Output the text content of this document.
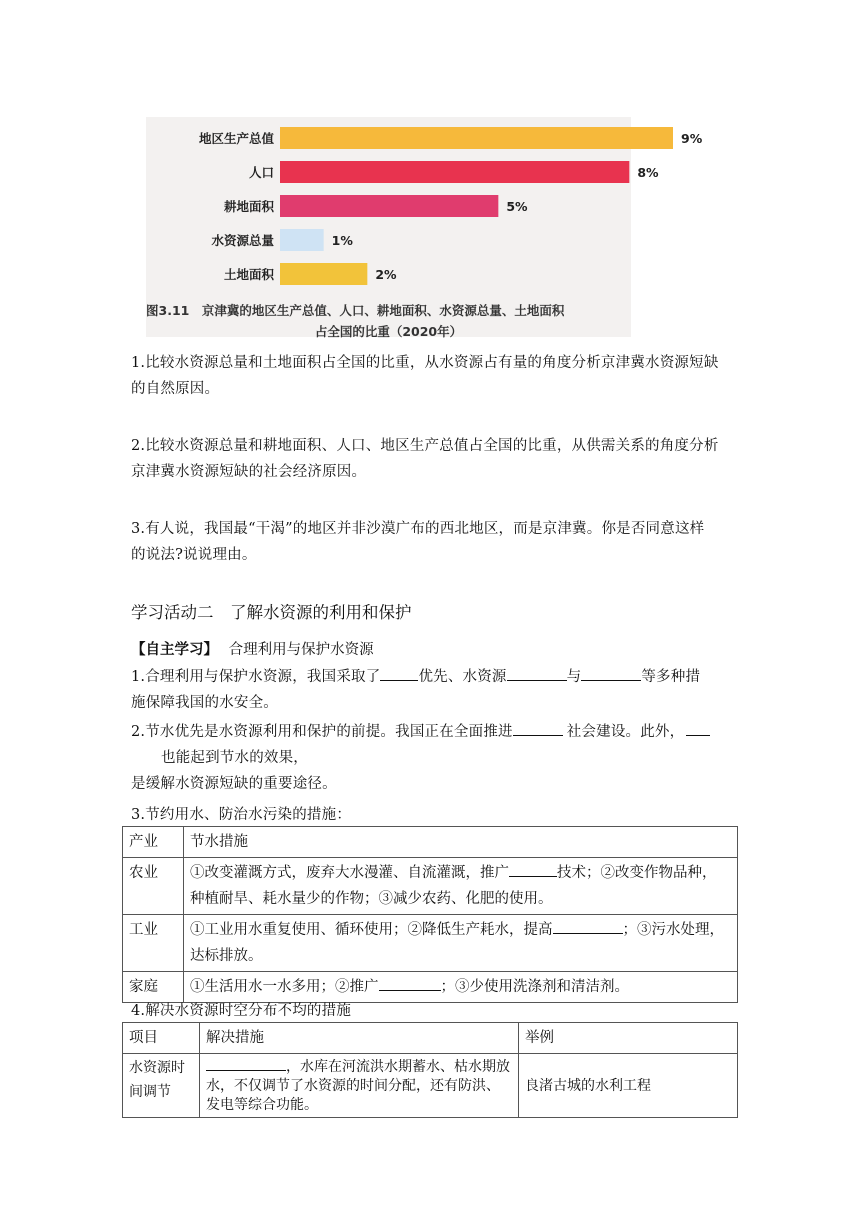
地区生产总值	9%
人口	8%
耕地面积	5%
水资源总量	1%
土地面积	2%
图3.11　京津冀的地区生产总值、人口、耕地面积、水资源总量、土地面积
占全国的比重（2020年）
1.比较水资源总量和土地面积占全国的比重，从水资源占有量的角度分析京津冀水资源短缺
的自然原因。
2.比较水资源总量和耕地面积、人口、地区生产总值占全国的比重，从供需关系的角度分析
京津冀水资源短缺的社会经济原因。
3.有人说，我国最“干渴”的地区并非沙漠广布的西北地区，而是京津冀。你是否同意这样
的说法?说说理由。
学习活动二　了解水资源的利用和保护
【自主学习】 合理利用与保护水资源
1.合理利用与保护水资源，我国采取了	优先、水资源	与	等多种措
施保障我国的水安全。
2.节水优先是水资源利用和保护的前提。我国正在全面推进	社会建设。此外，
也能起到节水的效果，
是缓解水资源短缺的重要途径。
3.节约用水、防治水污染的措施：
产业	节水措施
农业	①改变灌溉方式，废弃大水漫灌、自流灌溉，推广 技术；②改变作物品种，
种植耐旱、耗水量少的作物；③减少农药、化肥的使用。

工业	①工业用水重复使用、循环使用；②降低生产耗水，提高 ；③污水处理，
达标排放。

家庭	①生活用水一水多用；②推广 ；③少使用洗涤剂和清洁剂。
4.解决水资源时空分布不均的措施
项目	解决措施	举例
水资源时间调节	，水库在河流洪水期蓄水、枯水期放水，不仅调节了水资源的时间分配，还有防洪、发电等综合功能。	良渚古城的水利工程
